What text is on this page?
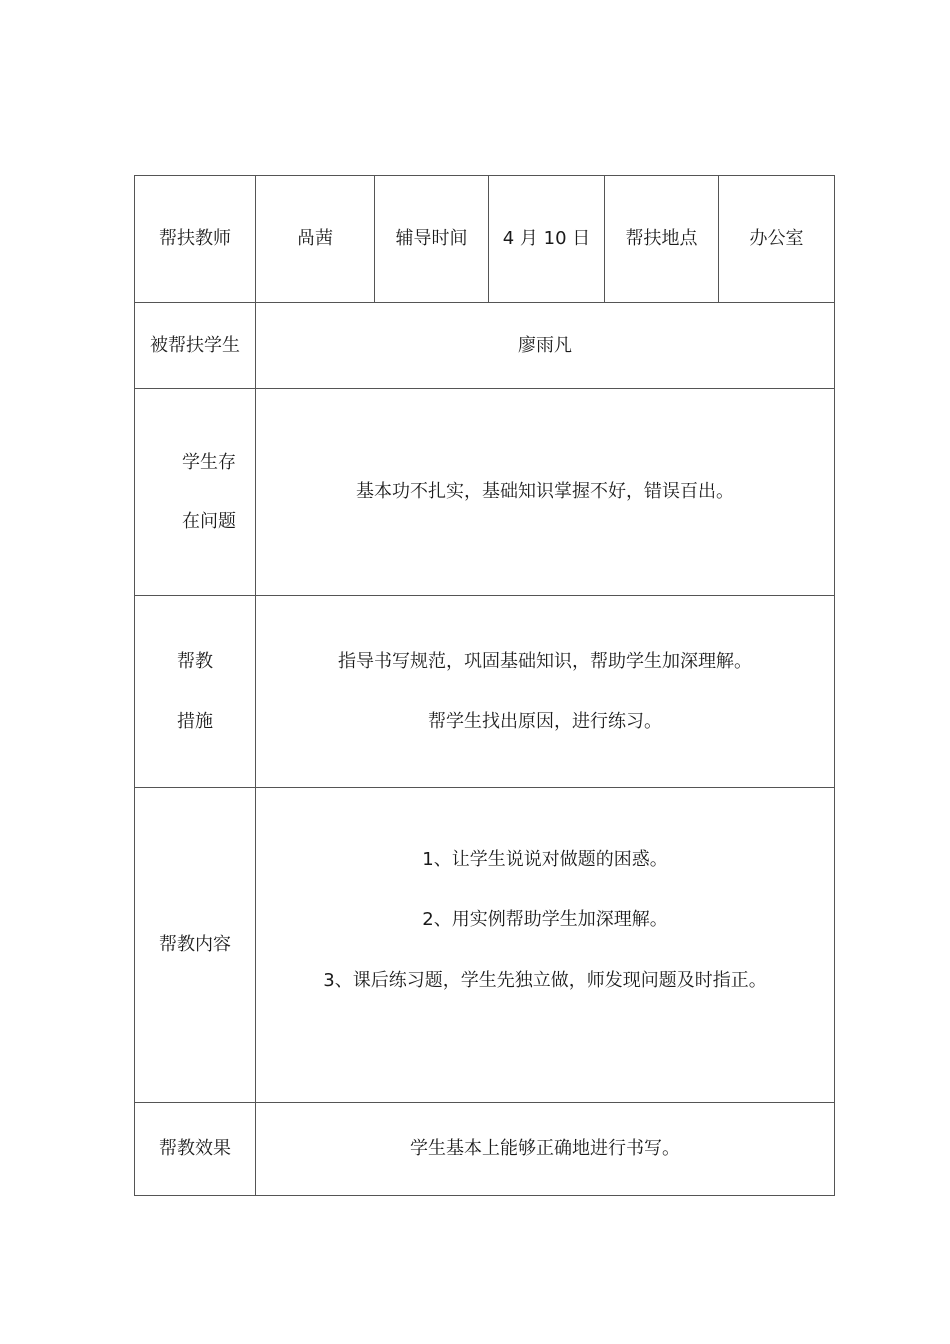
帮扶教师	咼茜	辅导时间	4 月 10 日	帮扶地点	办公室
被帮扶学生	廖雨凡				

学生存
在问题	基本功不扎实，基础知识掌握不好，错误百出。				

帮教
措施	指导书写规范，巩固基础知识，帮助学生加深理解。
帮学生找出原因，进行练习。				

帮教内容	1、让学生说说对做题的困惑。
2、用实例帮助学生加深理解。
3、课后练习题，学生先独立做，师发现问题及时指正。				

帮教效果	学生基本上能够正确地进行书写。				
